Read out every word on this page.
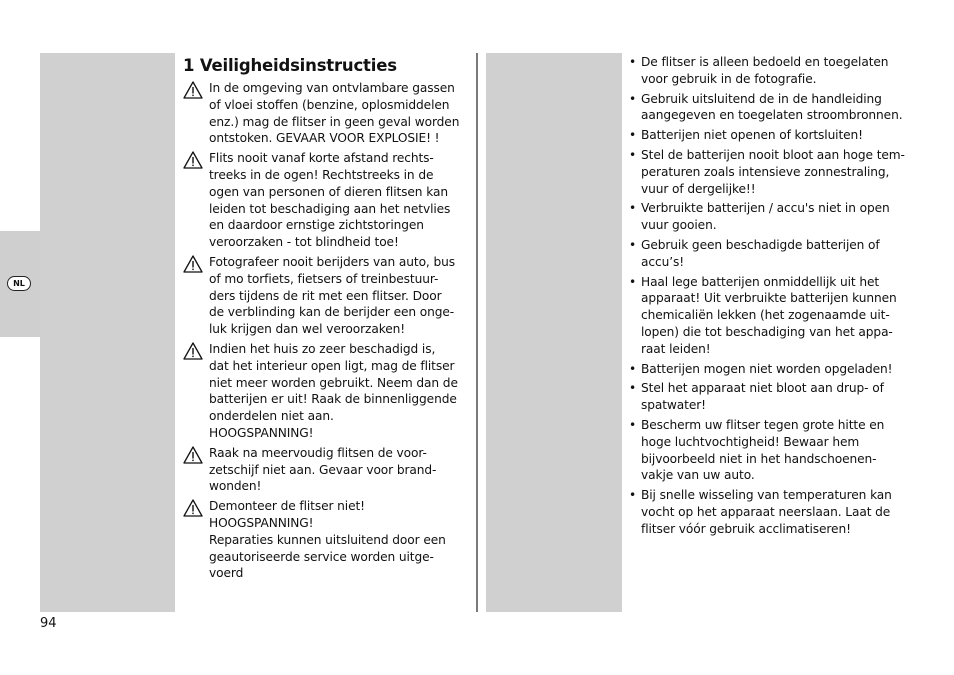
NL
1 Veiligheidsinstructies
In de omgeving van ontvlambare gassen
of vloei stoffen (benzine, oplosmiddelen
enz.) mag de flitser in geen geval worden
ontstoken. GEVAAR VOOR EXPLOSIE! !
Flits nooit vanaf korte afstand rechts-
treeks in de ogen! Rechtstreeks in de
ogen van personen of dieren flitsen kan
leiden tot beschadiging aan het netvlies
en daardoor ernstige zichtstoringen
veroorzaken - tot blindheid toe!
Fotografeer nooit berijders van auto, bus
of mo torfiets, fietsers of treinbestuur-
ders tijdens de rit met een flitser. Door
de verblinding kan de berijder een onge-
luk krijgen dan wel veroorzaken!
Indien het huis zo zeer beschadigd is,
dat het interieur open ligt, mag de flitser
niet meer worden gebruikt. Neem dan de
batterijen er uit! Raak de binnenliggende
onderdelen niet aan.
HOOGSPANNING!
Raak na meervoudig flitsen de voor-
zetschijf niet aan. Gevaar voor brand-
wonden!
Demonteer de flitser niet!
HOOGSPANNING!
Reparaties kunnen uitsluitend door een
geautoriseerde service worden uitge-
voerd
• De flitser is alleen bedoeld en toegelaten
voor gebruik in de fotografie.
• Gebruik uitsluitend de in de handleiding
aangegeven en toegelaten stroombronnen.
• Batterijen niet openen of kortsluiten!
• Stel de batterijen nooit bloot aan hoge tem-
peraturen zoals intensieve zonnestraling,
vuur of dergelijke!!
• Verbruikte batterijen / accu's niet in open
vuur gooien.
• Gebruik geen beschadigde batterijen of
accu’s!
• Haal lege batterijen onmiddellijk uit het
apparaat! Uit verbruikte batterijen kunnen
chemicaliën lekken (het zogenaamde uit-
lopen) die tot beschadiging van het appa-
raat leiden!
• Batterijen mogen niet worden opgeladen!
• Stel het apparaat niet bloot aan drup- of
spatwater!
• Bescherm uw flitser tegen grote hitte en
hoge luchtvochtigheid! Bewaar hem
bijvoorbeeld niet in het handschoenen-
vakje van uw auto.
• Bij snelle wisseling van temperaturen kan
vocht op het apparaat neerslaan. Laat de
flitser vóór gebruik acclimatiseren!
94
